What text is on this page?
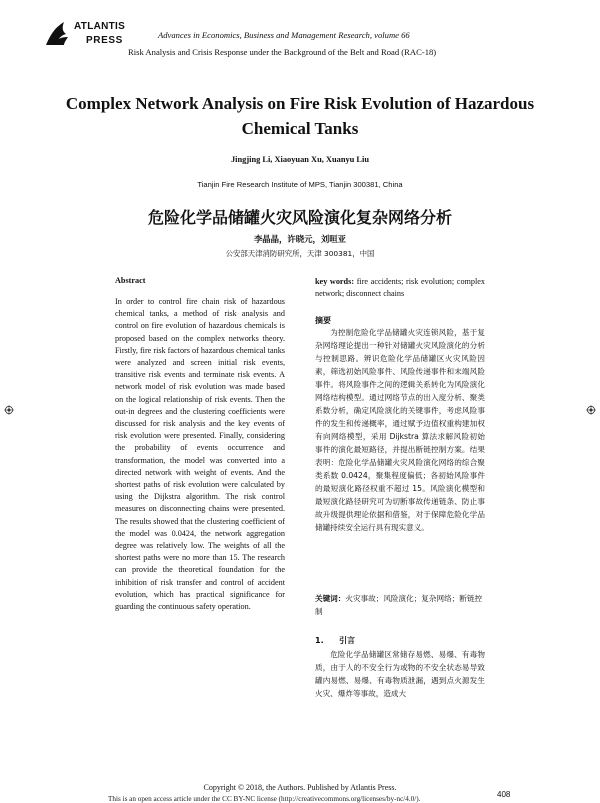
ATLANTIS
PRESS	Advances in Economics, Business and Management Research, volume 66
Risk Analysis and Crisis Response under the Background of the Belt and Road (RAC-18)
Complex Network Analysis on Fire Risk Evolution of Hazardous Chemical Tanks
Jingjing Li, Xiaoyuan Xu, Xuanyu Liu
Tianjin Fire Research Institute of MPS, Tianjin 300381, China
危险化学品储罐火灾风险演化复杂网络分析
李晶晶，许晓元，刘晅亚
公安部天津消防研究所，天津 300381，中国
Abstract
In order to control fire chain risk of hazardous chemical tanks, a method of risk analysis and control on fire evolution of hazardous chemicals is proposed based on the complex networks theory. Firstly, fire risk factors of hazardous chemical tanks were analyzed and screen initial risk events, transitive risk events and terminate risk events. A network model of risk evolution was made based on the logical relationship of risk events. Then the out-in degrees and the clustering coefficients were discussed for risk analysis and the key events of risk evolution were presented. Finally, considering the probability of events occurrence and transformation, the model was converted into a directed network with weight of events. And the shortest paths of risk evolution were calculated by using the Dijkstra algorithm. The risk control measures on disconnecting chains were presented. The results showed that the clustering coefficient of the model was 0.0424, the network aggregation degree was relatively low. The weights of all the shortest paths were no more than 15. The research can provide the theoretical foundation for the inhibition of risk transfer and control of accident evolution, which has practical significance for guarding the continuous safety operation.
key words: fire accidents; risk evolution; complex network; disconnect chains
摘要
为控制危险化学品储罐火灾连锁风险，基于复杂网络理论提出一种针对储罐火灾风险演化的分析与控制思路。辨识危险化学品储罐区火灾风险因素，筛选初始风险事件、风险传递事件和末端风险事件。将风险事件之间的逻辑关系转化为风险演化网络结构模型。通过网络节点的出入度分析、聚类系数分析，确定风险演化的关键事件，考虑风险事件的发生和传递概率，通过赋予边值权重构建加权有向网络模型，采用 Dijkstra 算法求解风险初始事件的演化最短路径，并提出断链控制方案。结果表明：危险化学品储罐火灾风险演化网络的综合聚类系数 0.0424，聚集程度偏低；各初始风险事件的最短演化路径权重不超过 15。风险演化模型和最短演化路径研究可为切断事故传递链条、防止事故升级提供理论依据和借鉴，对于保障危险化学品储罐持续安全运行具有现实意义。
关键词：火灾事故；风险演化；复杂网络；断链控制
1. 引言
危险化学品储罐区常储存易燃、易爆、有毒物质，由于人的不安全行为或物的不安全状态易导致罐内易燃、易爆、有毒物质泄漏，遇到点火源发生火灾、爆炸等事故，造成大
Copyright © 2018, the Authors. Published by Atlantis Press.
This is an open access article under the CC BY-NC license (http://creativecommons.org/licenses/by-nc/4.0/).	408
